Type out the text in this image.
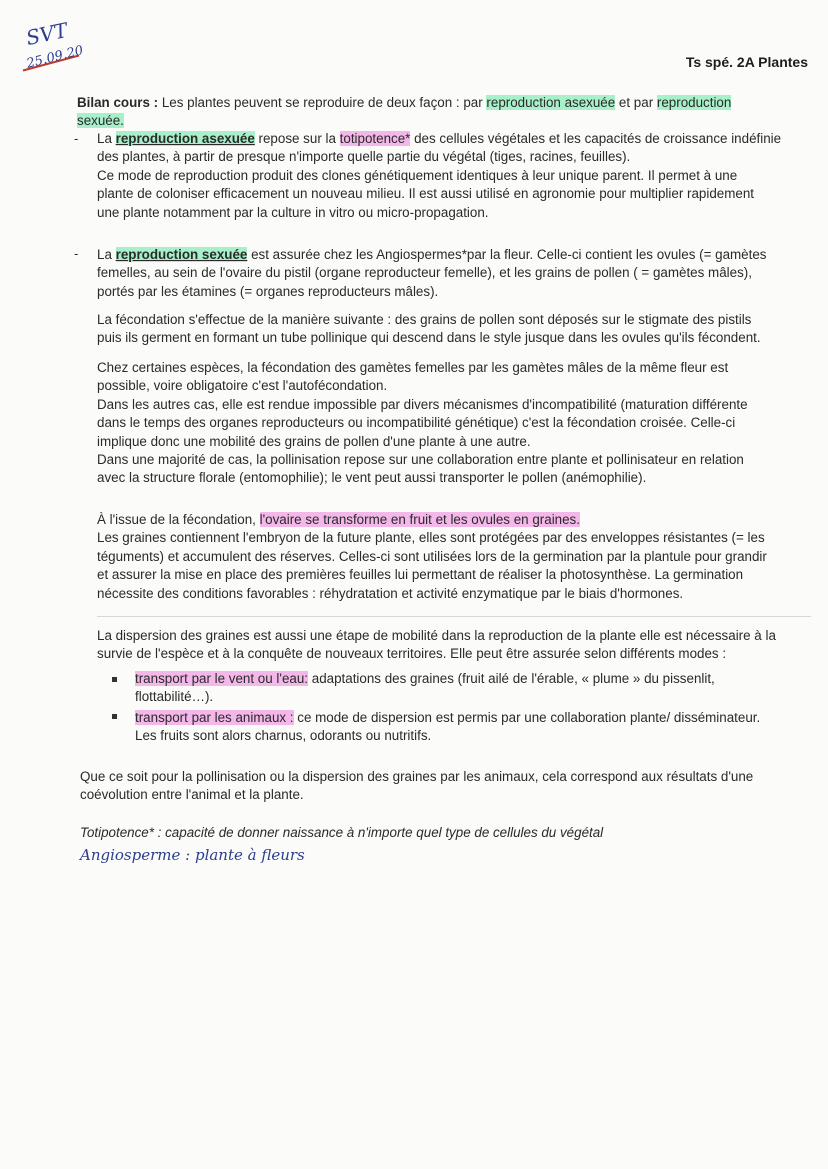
SVT
25.09.20	Ts spé. 2A Plantes

Bilan cours : Les plantes peuvent se reproduire de deux façon : par reproduction asexuée et par reproduction

sexuée.

- La reproduction asexuée repose sur la totipotence* des cellules végétales et les capacités de croissance indéfinie

des plantes, à partir de presque n'importe quelle partie du végétal (tiges, racines, feuilles).

Ce mode de reproduction produit des clones génétiquement identiques à leur unique parent. Il permet à une

plante de coloniser efficacement un nouveau milieu. Il est aussi utilisé en agronomie pour multiplier rapidement

une plante notamment par la culture in vitro ou micro-propagation.

- La reproduction sexuée est assurée chez les Angiospermes*par la fleur. Celle-ci contient les ovules (= gamètes

femelles, au sein de l'ovaire du pistil (organe reproducteur femelle), et les grains de pollen ( = gamètes mâles),

portés par les étamines (= organes reproducteurs mâles).

La fécondation s'effectue de la manière suivante : des grains de pollen sont déposés sur le stigmate des pistils

puis ils germent en formant un tube pollinique qui descend dans le style jusque dans les ovules qu'ils fécondent.

Chez certaines espèces, la fécondation des gamètes femelles par les gamètes mâles de la même fleur est

possible, voire obligatoire c'est l'autofécondation.

Dans les autres cas, elle est rendue impossible par divers mécanismes d'incompatibilité (maturation différente

dans le temps des organes reproducteurs ou incompatibilité génétique) c'est la fécondation croisée. Celle-ci

implique donc une mobilité des grains de pollen d'une plante à une autre.

Dans une majorité de cas, la pollinisation repose sur une collaboration entre plante et pollinisateur en relation

avec la structure florale (entomophilie); le vent peut aussi transporter le pollen (anémophilie).

À l'issue de la fécondation, l'ovaire se transforme en fruit et les ovules en graines.

Les graines contiennent l'embryon de la future plante, elles sont protégées par des enveloppes résistantes (= les

téguments) et accumulent des réserves. Celles-ci sont utilisées lors de la germination par la plantule pour grandir

et assurer la mise en place des premières feuilles lui permettant de réaliser la photosynthèse. La germination

nécessite des conditions favorables : réhydratation et activité enzymatique par le biais d'hormones.

La dispersion des graines est aussi une étape de mobilité dans la reproduction de la plante elle est nécessaire à la

survie de l'espèce et à la conquête de nouveaux territoires. Elle peut être assurée selon différents modes :

transport par le vent ou l'eau: adaptations des graines (fruit ailé de l'érable, « plume » du pissenlit,

flottabilité…).

transport par les animaux : ce mode de dispersion est permis par une collaboration plante/ disséminateur.

Les fruits sont alors charnus, odorants ou nutritifs.

Que ce soit pour la pollinisation ou la dispersion des graines par les animaux, cela correspond aux résultats d'une

coévolution entre l'animal et la plante.

Totipotence* : capacité de donner naissance à n'importe quel type de cellules du végétal
Angiosperme : plante à fleurs
